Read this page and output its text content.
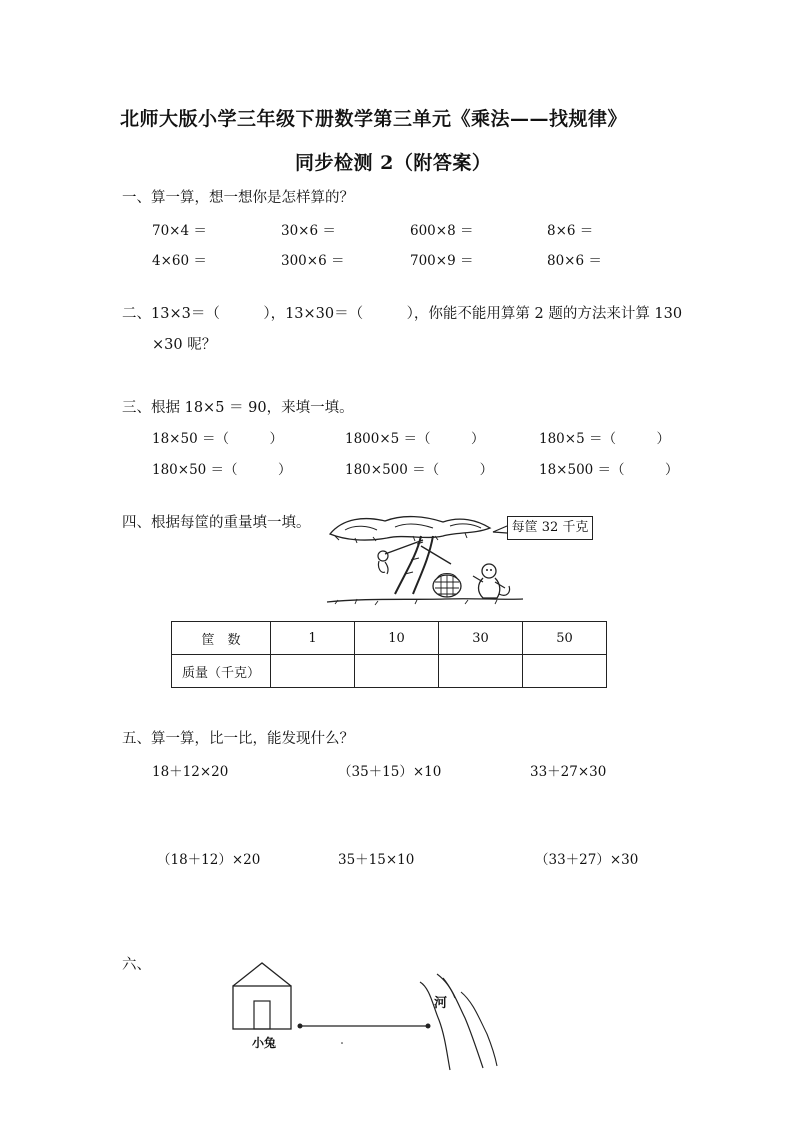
北师大版小学三年级下册数学第三单元《乘法——找规律》
同步检测 2（附答案）
一、算一算，想一想你是怎样算的？
70×4 ＝	30×6 ＝	600×8 ＝	8×6 ＝
4×60 ＝	300×6 ＝	700×9 ＝	80×6 ＝
二、13×3＝（　　　），13×30＝（　　　），你能不能用算第 2 题的方法来计算 130
×30 呢？
三、根据 18×5 ＝ 90，来填一填。
18×50 ＝（　　　）	1800×5 ＝（　　　）	180×5 ＝（　　　）
180×50 ＝（　　　）	180×500 ＝（　　　）	18×500 ＝（　　　）
四、根据每筐的重量填一填。	每筐 32 千克
筐　数	1	10	30	50
质量（千克）				
五、算一算，比一比，能发现什么？
18＋12×20	（35＋15）×10	33＋27×30
（18＋12）×20	35＋15×10	（33＋27）×30
六、
小兔
河
